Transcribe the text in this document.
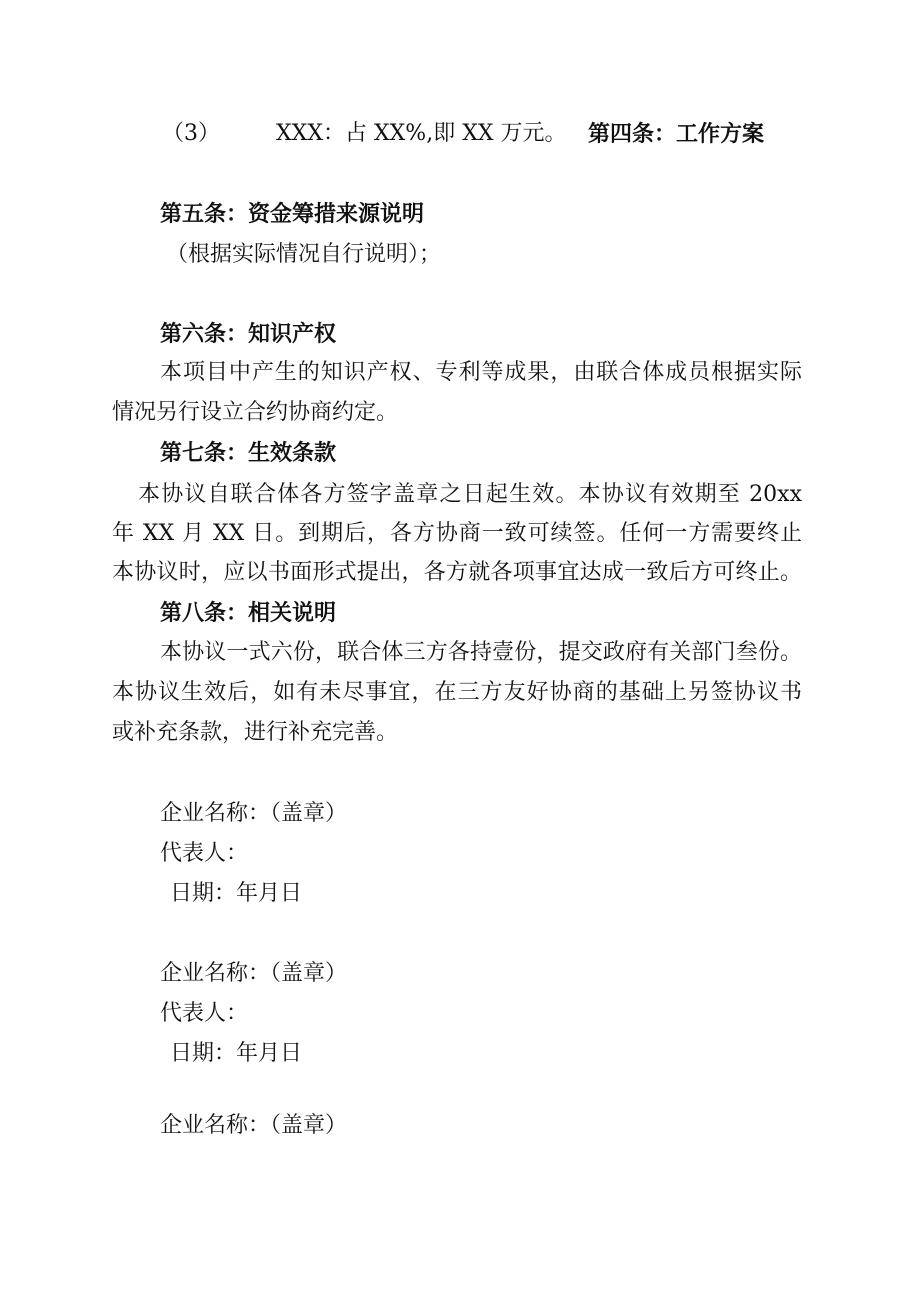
（3）	XXX：占 XX%,即 XX 万元。 第四条：工作方案
第五条：资金筹措来源说明
（根据实际情况自行说明）；
第六条：知识产权
本项目中产生的知识产权、专利等成果，由联合体成员根据实际
情况另行设立合约协商约定。
第七条：生效条款
本协议自联合体各方签字盖章之日起生效。本协议有效期至 20xx
年 XX 月 XX 日。到期后，各方协商一致可续签。任何一方需要终止
本协议时，应以书面形式提出，各方就各项事宜达成一致后方可终止。
第八条：相关说明
本协议一式六份，联合体三方各持壹份，提交政府有关部门叁份。
本协议生效后，如有未尽事宜，在三方友好协商的基础上另签协议书
或补充条款，进行补充完善。
企业名称：（盖章）
代表人：
日期：年月日
企业名称：（盖章）
代表人：
日期：年月日
企业名称：（盖章）
